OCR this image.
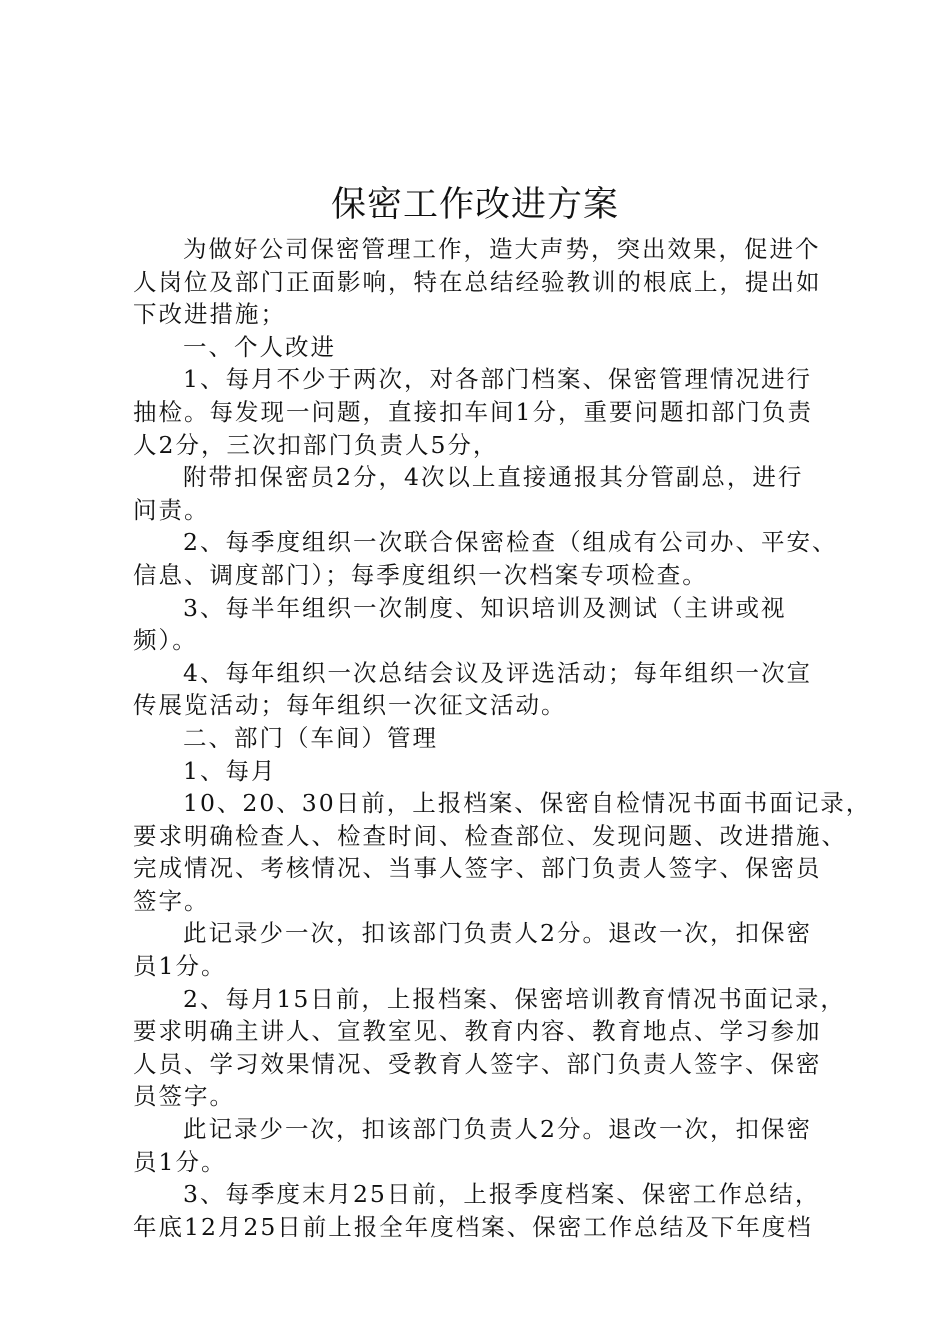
保密工作改进方案

为做好公司保密管理工作，造大声势，突出效果，促进个
人岗位及部门正面影响，特在总结经验教训的根底上，提出如
下改进措施；
一、个人改进
1、每月不少于两次，对各部门档案、保密管理情况进行
抽检。每发现一问题，直接扣车间1分，重要问题扣部门负责
人2分，三次扣部门负责人5分，
附带扣保密员2分，4次以上直接通报其分管副总，进行
问责。
2、每季度组织一次联合保密检查（组成有公司办、平安、
信息、调度部门）；每季度组织一次档案专项检查。
3、每半年组织一次制度、知识培训及测试（主讲或视
频）。
4、每年组织一次总结会议及评选活动；每年组织一次宣
传展览活动；每年组织一次征文活动。
二、部门（车间）管理
1、每月
10、20、30日前，上报档案、保密自检情况书面书面记录，
要求明确检查人、检查时间、检查部位、发现问题、改进措施、
完成情况、考核情况、当事人签字、部门负责人签字、保密员
签字。
此记录少一次，扣该部门负责人2分。退改一次，扣保密
员1分。
2、每月15日前，上报档案、保密培训教育情况书面记录，
要求明确主讲人、宣教室见、教育内容、教育地点、学习参加
人员、学习效果情况、受教育人签字、部门负责人签字、保密
员签字。
此记录少一次，扣该部门负责人2分。退改一次，扣保密
员1分。
3、每季度末月25日前，上报季度档案、保密工作总结，
年底12月25日前上报全年度档案、保密工作总结及下年度档
